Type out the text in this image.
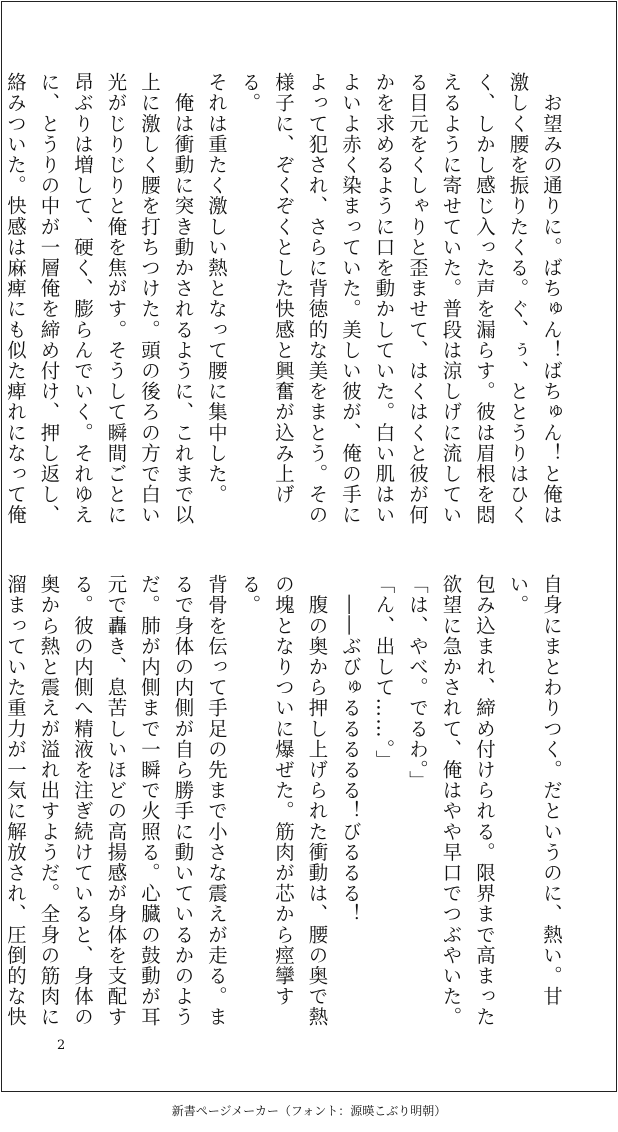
　お望みの通りに。ばちゅん！ばちゅん！と俺は
激しく腰を振りたくる。ぐ、ぅ、ととうりはひく
く、しかし感じ入った声を漏らす。彼は眉根を悶
えるように寄せていた。普段は涼しげに流してい
る目元をくしゃりと歪ませて、はくはくと彼が何
かを求めるように口を動かしていた。白い肌はい
よいよ赤く染まっていた。美しい彼が、俺の手に
よって犯され、さらに背徳的な美をまとう。その
様子に、ぞくぞくとした快感と興奮が込み上げる。
それは重たく激しい熱となって腰に集中した。
　俺は衝動に突き動かされるように、これまで以
上に激しく腰を打ちつけた。頭の後ろの方で白い
光がじりじりと俺を焦がす。そうして瞬間ごとに
昂ぶりは増して、硬く、膨らんでいく。それゆえ
に、とうりの中が一層俺を締め付け、押し返し、
絡みついた。快感は麻痺にも似た痺れになって俺
自身にまとわりつく。だというのに、熱い。甘い。
包み込まれ、締め付けられる。限界まで高まった
欲望に急かされて、俺はやや早口でつぶやいた。
「は、やべ。でるわ。」
「ん、出して……。」
　――ぶびゅるるるるる！びるるる！
　腹の奥から押し上げられた衝動は、腰の奥で熱
の塊となりついに爆ぜた。筋肉が芯から痙攣する。
背骨を伝って手足の先まで小さな震えが走る。ま
るで身体の内側が自ら勝手に動いているかのよう
だ。肺が内側まで一瞬で火照る。心臓の鼓動が耳
元で轟き、息苦しいほどの高揚感が身体を支配す
る。彼の内側へ精液を注ぎ続けていると、身体の
奥から熱と震えが溢れ出すようだ。全身の筋肉に
溜まっていた重力が一気に解放され、圧倒的な快
2
新書ページメーカー（フォント：源暎こぶり明朝）
